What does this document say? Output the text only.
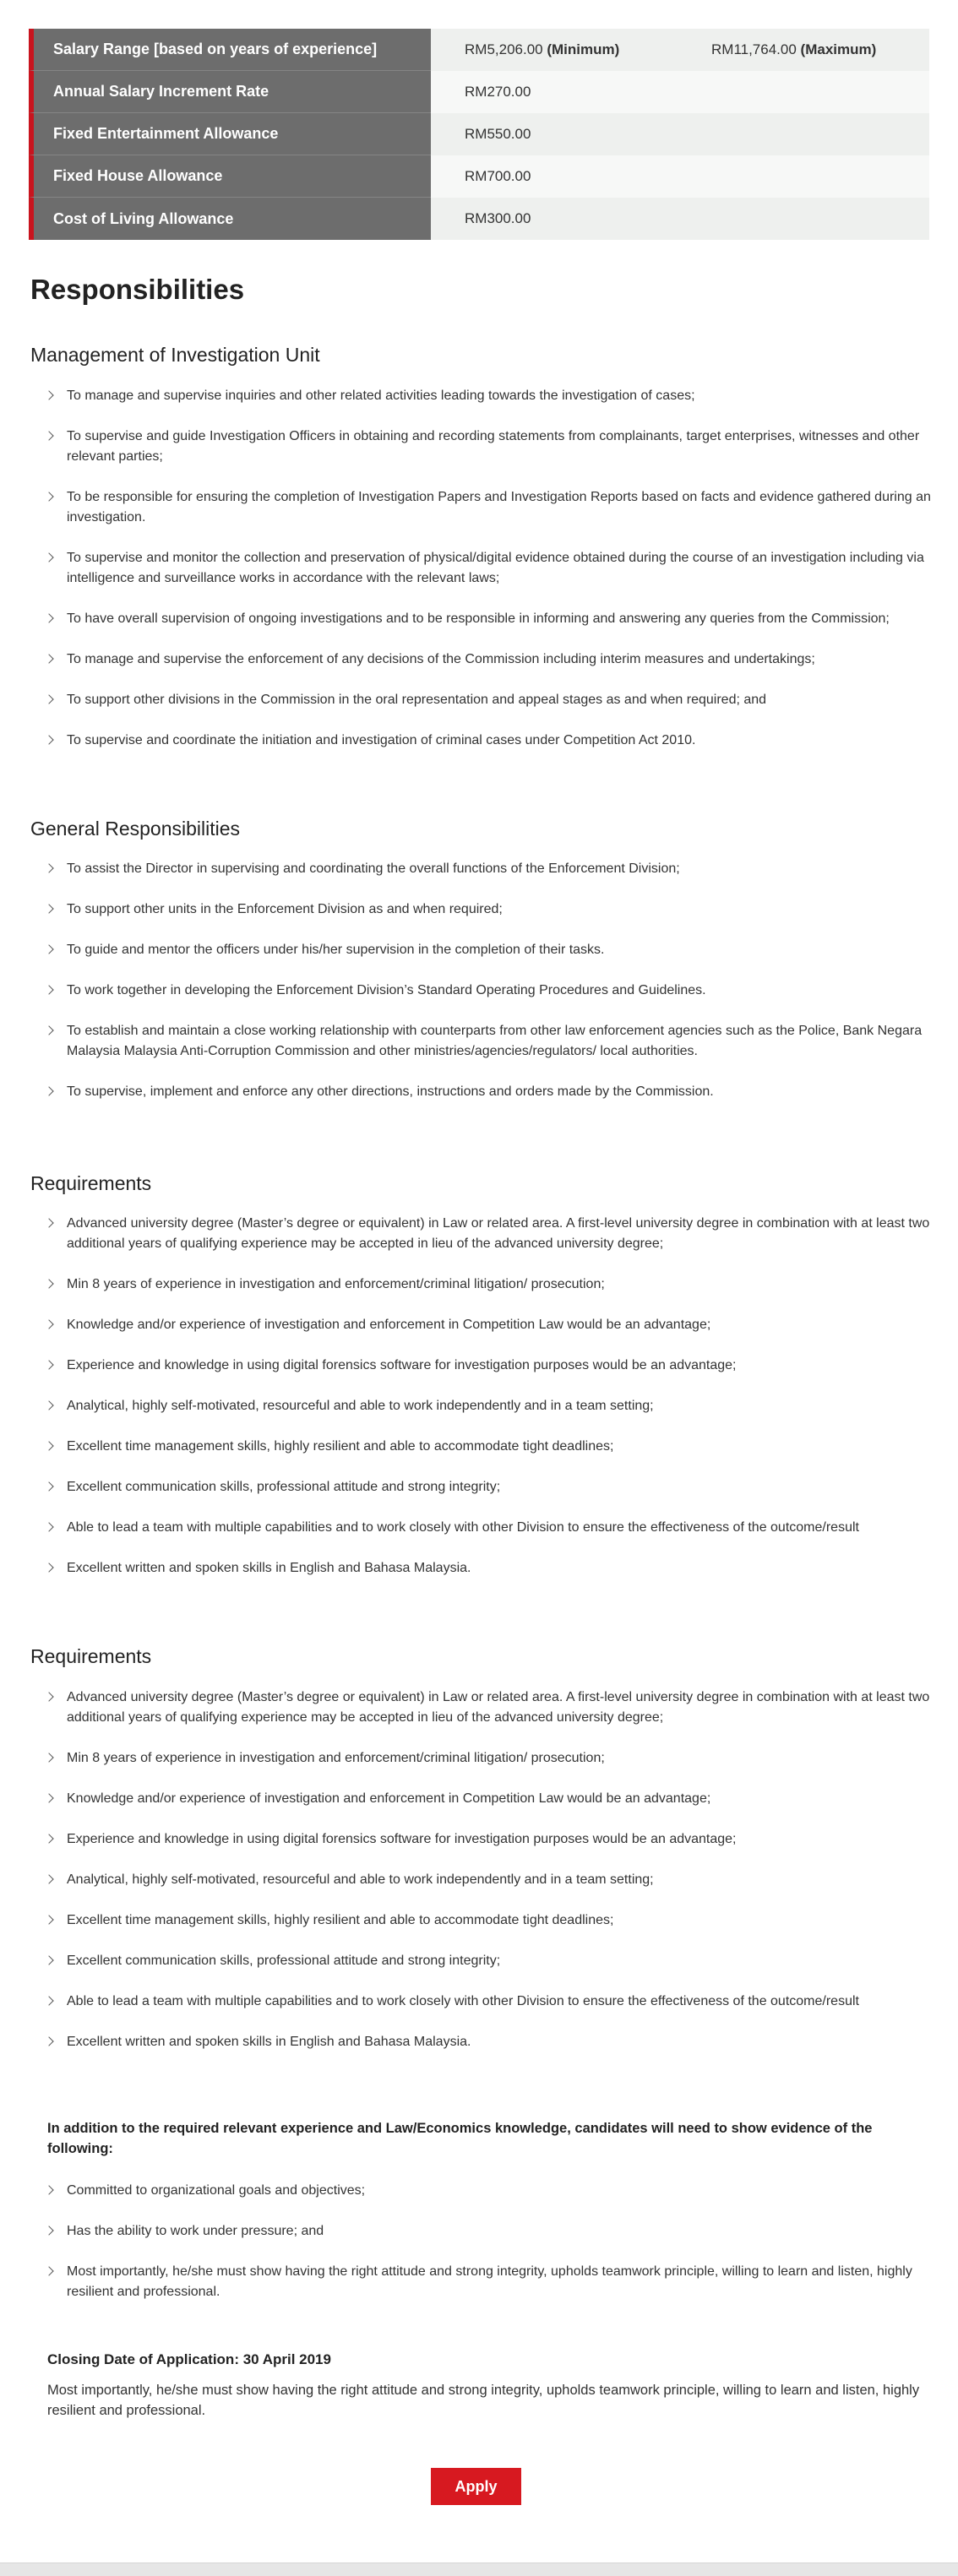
Salary Range [based on years of experience]	RM5,206.00 (Minimum)	RM11,764.00 (Maximum)
Annual Salary Increment Rate	RM270.00
Fixed Entertainment Allowance	RM550.00
Fixed House Allowance	RM700.00
Cost of Living Allowance	RM300.00
Responsibilities
Management of Investigation Unit
To manage and supervise inquiries and other related activities leading towards the investigation of cases;
To supervise and guide Investigation Officers in obtaining and recording statements from complainants, target enterprises, witnesses and other relevant parties;
To be responsible for ensuring the completion of Investigation Papers and Investigation Reports based on facts and evidence gathered during an investigation.
To supervise and monitor the collection and preservation of physical/digital evidence obtained during the course of an investigation including via intelligence and surveillance works in accordance with the relevant laws;
To have overall supervision of ongoing investigations and to be responsible in informing and answering any queries from the Commission;
To manage and supervise the enforcement of any decisions of the Commission including interim measures and undertakings;
To support other divisions in the Commission in the oral representation and appeal stages as and when required; and
To supervise and coordinate the initiation and investigation of criminal cases under Competition Act 2010.
General Responsibilities
To assist the Director in supervising and coordinating the overall functions of the Enforcement Division;
To support other units in the Enforcement Division as and when required;
To guide and mentor the officers under his/her supervision in the completion of their tasks.
To work together in developing the Enforcement Division’s Standard Operating Procedures and Guidelines.
To establish and maintain a close working relationship with counterparts from other law enforcement agencies such as the Police, Bank Negara Malaysia Malaysia Anti-Corruption Commission and other ministries/agencies/regulators/ local authorities.
To supervise, implement and enforce any other directions, instructions and orders made by the Commission.
Requirements
Advanced university degree (Master’s degree or equivalent) in Law or related area. A first-level university degree in combination with at least two additional years of qualifying experience may be accepted in lieu of the advanced university degree;
Min 8 years of experience in investigation and enforcement/criminal litigation/ prosecution;
Knowledge and/or experience of investigation and enforcement in Competition Law would be an advantage;
Experience and knowledge in using digital forensics software for investigation purposes would be an advantage;
Analytical, highly self-motivated, resourceful and able to work independently and in a team setting;
Excellent time management skills, highly resilient and able to accommodate tight deadlines;
Excellent communication skills, professional attitude and strong integrity;
Able to lead a team with multiple capabilities and to work closely with other Division to ensure the effectiveness of the outcome/result
Excellent written and spoken skills in English and Bahasa Malaysia.
Requirements
Advanced university degree (Master’s degree or equivalent) in Law or related area. A first-level university degree in combination with at least two additional years of qualifying experience may be accepted in lieu of the advanced university degree;
Min 8 years of experience in investigation and enforcement/criminal litigation/ prosecution;
Knowledge and/or experience of investigation and enforcement in Competition Law would be an advantage;
Experience and knowledge in using digital forensics software for investigation purposes would be an advantage;
Analytical, highly self-motivated, resourceful and able to work independently and in a team setting;
Excellent time management skills, highly resilient and able to accommodate tight deadlines;
Excellent communication skills, professional attitude and strong integrity;
Able to lead a team with multiple capabilities and to work closely with other Division to ensure the effectiveness of the outcome/result
Excellent written and spoken skills in English and Bahasa Malaysia.

In addition to the required relevant experience and Law/Economics knowledge, candidates will need to show evidence of the following:

Committed to organizational goals and objectives;
Has the ability to work under pressure; and
Most importantly, he/she must show having the right attitude and strong integrity, upholds teamwork principle, willing to learn and listen, highly resilient and professional.

Closing Date of Application: 30 April 2019

Most importantly, he/she must show having the right attitude and strong integrity, upholds teamwork principle, willing to learn and listen, highly resilient and professional.

Apply
